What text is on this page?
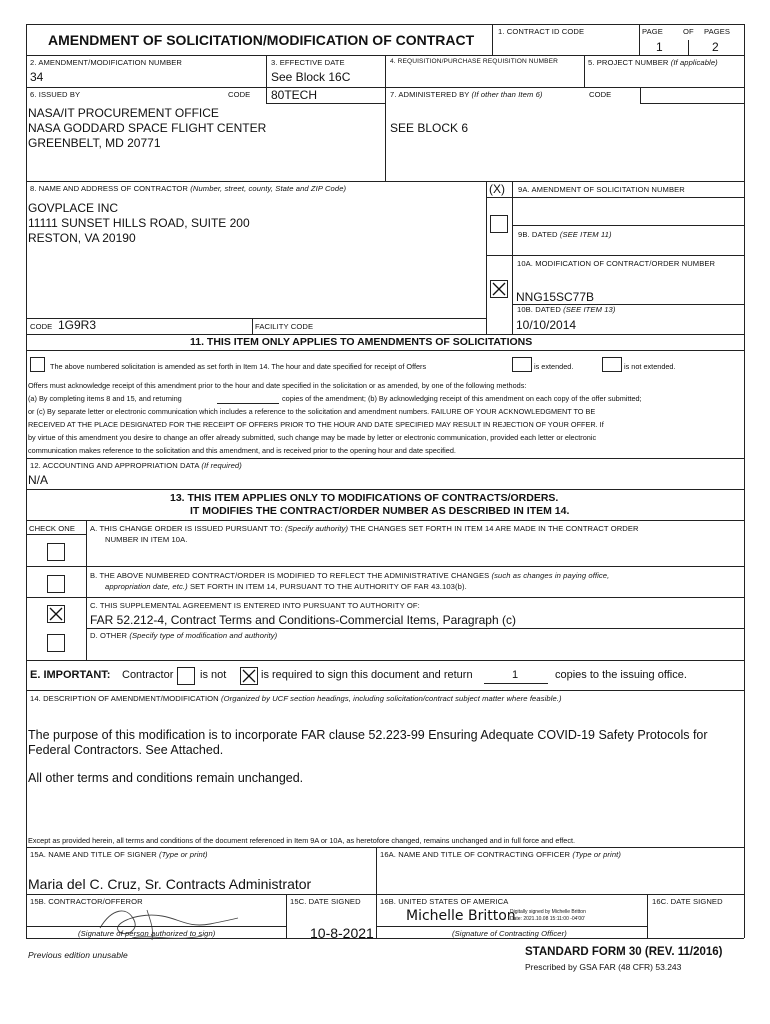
AMENDMENT OF SOLICITATION/MODIFICATION OF CONTRACT
1. CONTRACT ID CODE	PAGE	OF PAGES
1	2
2. AMENDMENT/MODIFICATION NUMBER
34
3. EFFECTIVE DATE
See Block 16C
4. REQUISITION/PURCHASE REQUISITION NUMBER	5. PROJECT NUMBER (If applicable)
6. ISSUED BY	CODE 80TECH	7. ADMINISTERED BY (If other than Item 6)	CODE
NASA/IT PROCUREMENT OFFICE
NASA GODDARD SPACE FLIGHT CENTER
GREENBELT, MD 20771
SEE BLOCK 6
8. NAME AND ADDRESS OF CONTRACTOR (Number, street, county, State and ZIP Code)
GOVPLACE INC
11111 SUNSET HILLS ROAD, SUITE 200
RESTON, VA 20190
(X) 9A. AMENDMENT OF SOLICITATION NUMBER
9B. DATED (SEE ITEM 11)
10A. MODIFICATION OF CONTRACT/ORDER NUMBER
NNG15SC77B
10B. DATED (SEE ITEM 13)
10/10/2014
CODE 1G9R3	FACILITY CODE
11. THIS ITEM ONLY APPLIES TO AMENDMENTS OF SOLICITATIONS
The above numbered solicitation is amended as set forth in Item 14. The hour and date specified for receipt of Offers	is extended.	is not extended.
Offers must acknowledge receipt of this amendment prior to the hour and date specified in the solicitation or as amended, by one of the following methods:
(a) By completing items 8 and 15, and returning	copies of the amendment; (b) By acknowledging receipt of this amendment on each copy of the offer submitted;
or (c) By separate letter or electronic communication which includes a reference to the solicitation and amendment numbers. FAILURE OF YOUR ACKNOWLEDGMENT TO BE
RECEIVED AT THE PLACE DESIGNATED FOR THE RECEIPT OF OFFERS PRIOR TO THE HOUR AND DATE SPECIFIED MAY RESULT IN REJECTION OF YOUR OFFER. If
by virtue of this amendment you desire to change an offer already submitted, such change may be made by letter or electronic communication, provided each letter or electronic
communication makes reference to the solicitation and this amendment, and is received prior to the opening hour and date specified.
12. ACCOUNTING AND APPROPRIATION DATA (If required)
N/A
13. THIS ITEM APPLIES ONLY TO MODIFICATIONS OF CONTRACTS/ORDERS.
IT MODIFIES THE CONTRACT/ORDER NUMBER AS DESCRIBED IN ITEM 14.
CHECK ONE A. THIS CHANGE ORDER IS ISSUED PURSUANT TO: (Specify authority) THE CHANGES SET FORTH IN ITEM 14 ARE MADE IN THE CONTRACT ORDER
NUMBER IN ITEM 10A.
B. THE ABOVE NUMBERED CONTRACT/ORDER IS MODIFIED TO REFLECT THE ADMINISTRATIVE CHANGES (such as changes in paying office,
appropriation date, etc.) SET FORTH IN ITEM 14, PURSUANT TO THE AUTHORITY OF FAR 43.103(b).
C. THIS SUPPLEMENTAL AGREEMENT IS ENTERED INTO PURSUANT TO AUTHORITY OF:
FAR 52.212-4, Contract Terms and Conditions-Commercial Items, Paragraph (c)
D. OTHER (Specify type of modification and authority)
E. IMPORTANT: Contractor is not	is required to sign this document and return	1	copies to the issuing office.
14. DESCRIPTION OF AMENDMENT/MODIFICATION (Organized by UCF section headings, including solicitation/contract subject matter where feasible.)
The purpose of this modification is to incorporate FAR clause 52.223-99 Ensuring Adequate COVID-19 Safety Protocols for
Federal Contractors. See Attached.
All other terms and conditions remain unchanged.
Except as provided herein, all terms and conditions of the document referenced in Item 9A or 10A, as heretofore changed, remains unchanged and in full force and effect.
15A. NAME AND TITLE OF SIGNER (Type or print)	16A. NAME AND TITLE OF CONTRACTING OFFICER (Type or print)
Maria del C. Cruz, Sr. Contracts Administrator
15B. CONTRACTOR/OFFEROR	15C. DATE SIGNED	16B. UNITED STATES OF AMERICA	16C. DATE SIGNED
Michelle Britton
Digitally signed by Michelle Britton
Date: 2021.10.08 15:11:00 -04'00'
10-8-2021
(Signature of person authorized to sign)	(Signature of Contracting Officer)
Previous edition unusable	STANDARD FORM 30 (REV. 11/2016)
Prescribed by GSA FAR (48 CFR) 53.243
